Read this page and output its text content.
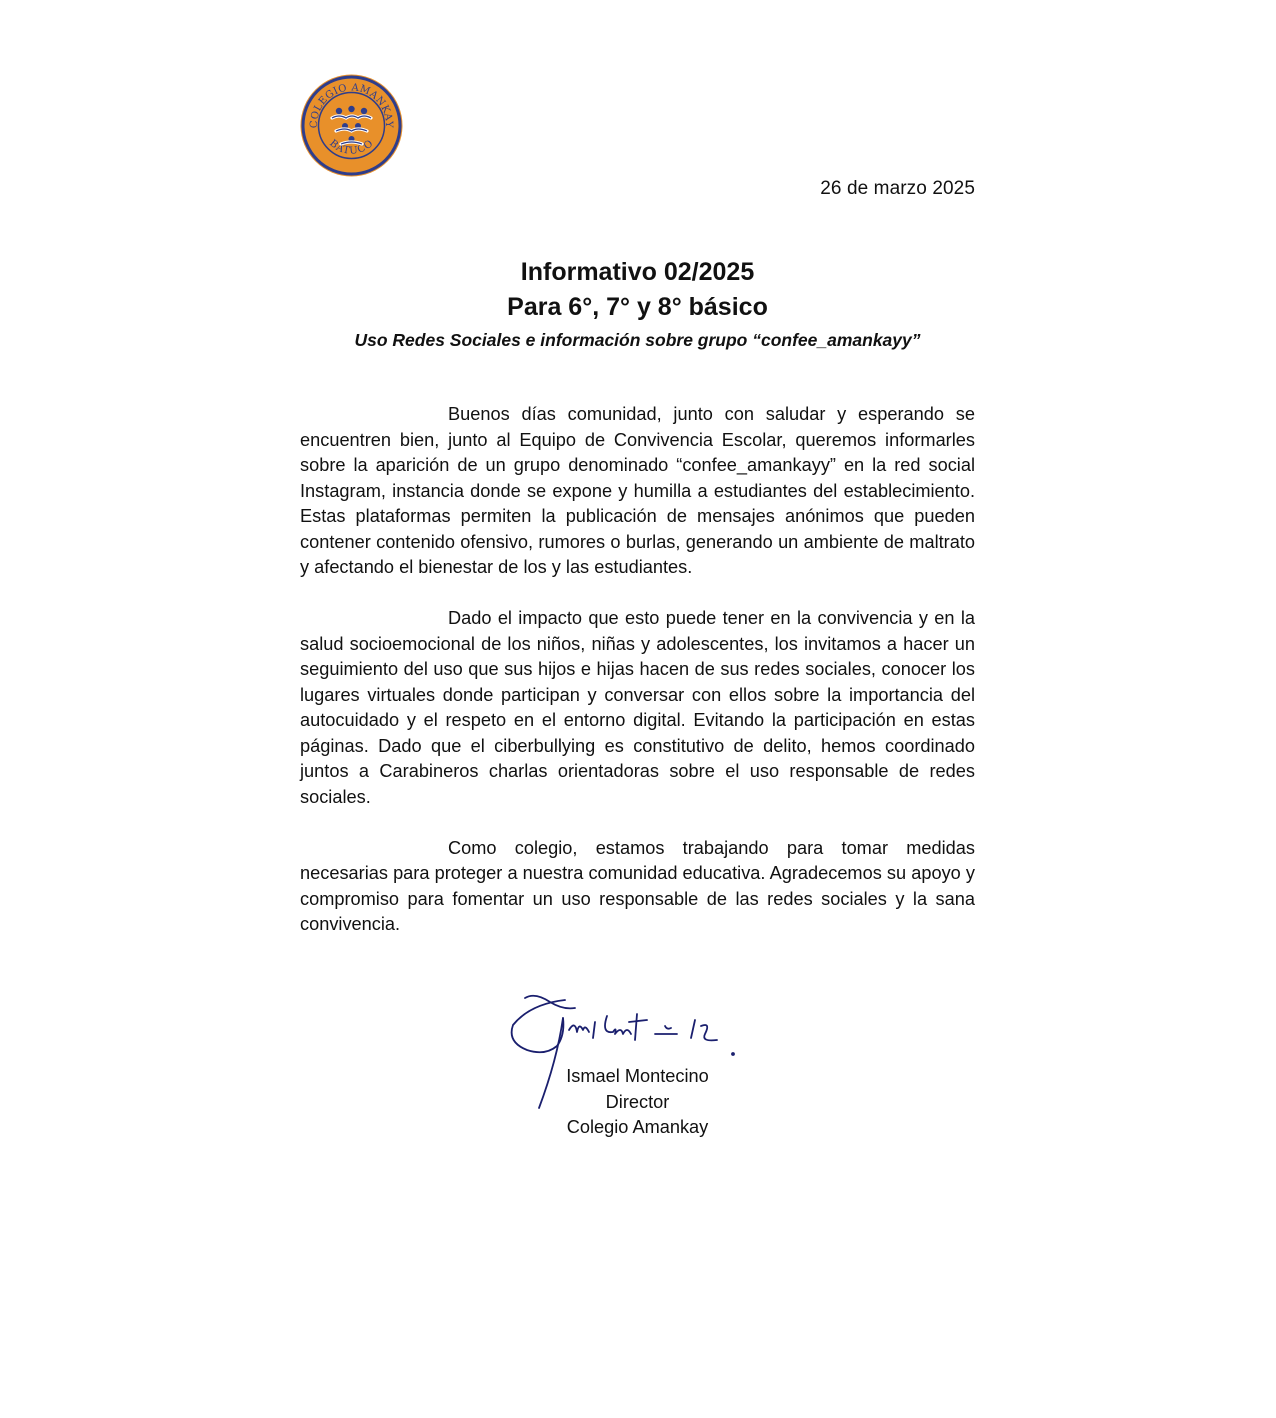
COLEGIO AMANKAY
BATUCO
26 de marzo 2025

Informativo 02/2025

Para 6°, 7° y 8° básico

Uso Redes Sociales e información sobre grupo “confee_amankayy”

Buenos días comunidad, junto con saludar y esperando se encuentren bien, junto al Equipo de Convivencia Escolar, queremos informarles sobre la aparición de un grupo denominado “confee_amankayy” en la red social Instagram, instancia donde se expone y humilla a estudiantes del establecimiento. Estas plataformas permiten la publicación de mensajes anónimos que pueden contener contenido ofensivo, rumores o burlas, generando un ambiente de maltrato y afectando el bienestar de los y las estudiantes.

Dado el impacto que esto puede tener en la convivencia y en la salud socioemocional de los niños, niñas y adolescentes, los invitamos a hacer un seguimiento del uso que sus hijos e hijas hacen de sus redes sociales, conocer los lugares virtuales donde participan y conversar con ellos sobre la importancia del autocuidado y el respeto en el entorno digital. Evitando la participación en estas páginas. Dado que el ciberbullying es constitutivo de delito, hemos coordinado juntos a Carabineros charlas orientadoras sobre el uso responsable de redes sociales.

Como colegio, estamos trabajando para tomar medidas necesarias para proteger a nuestra comunidad educativa. Agradecemos su apoyo y compromiso para fomentar un uso responsable de las redes sociales y la sana convivencia.

Ismael Montecino
Director
Colegio Amankay
